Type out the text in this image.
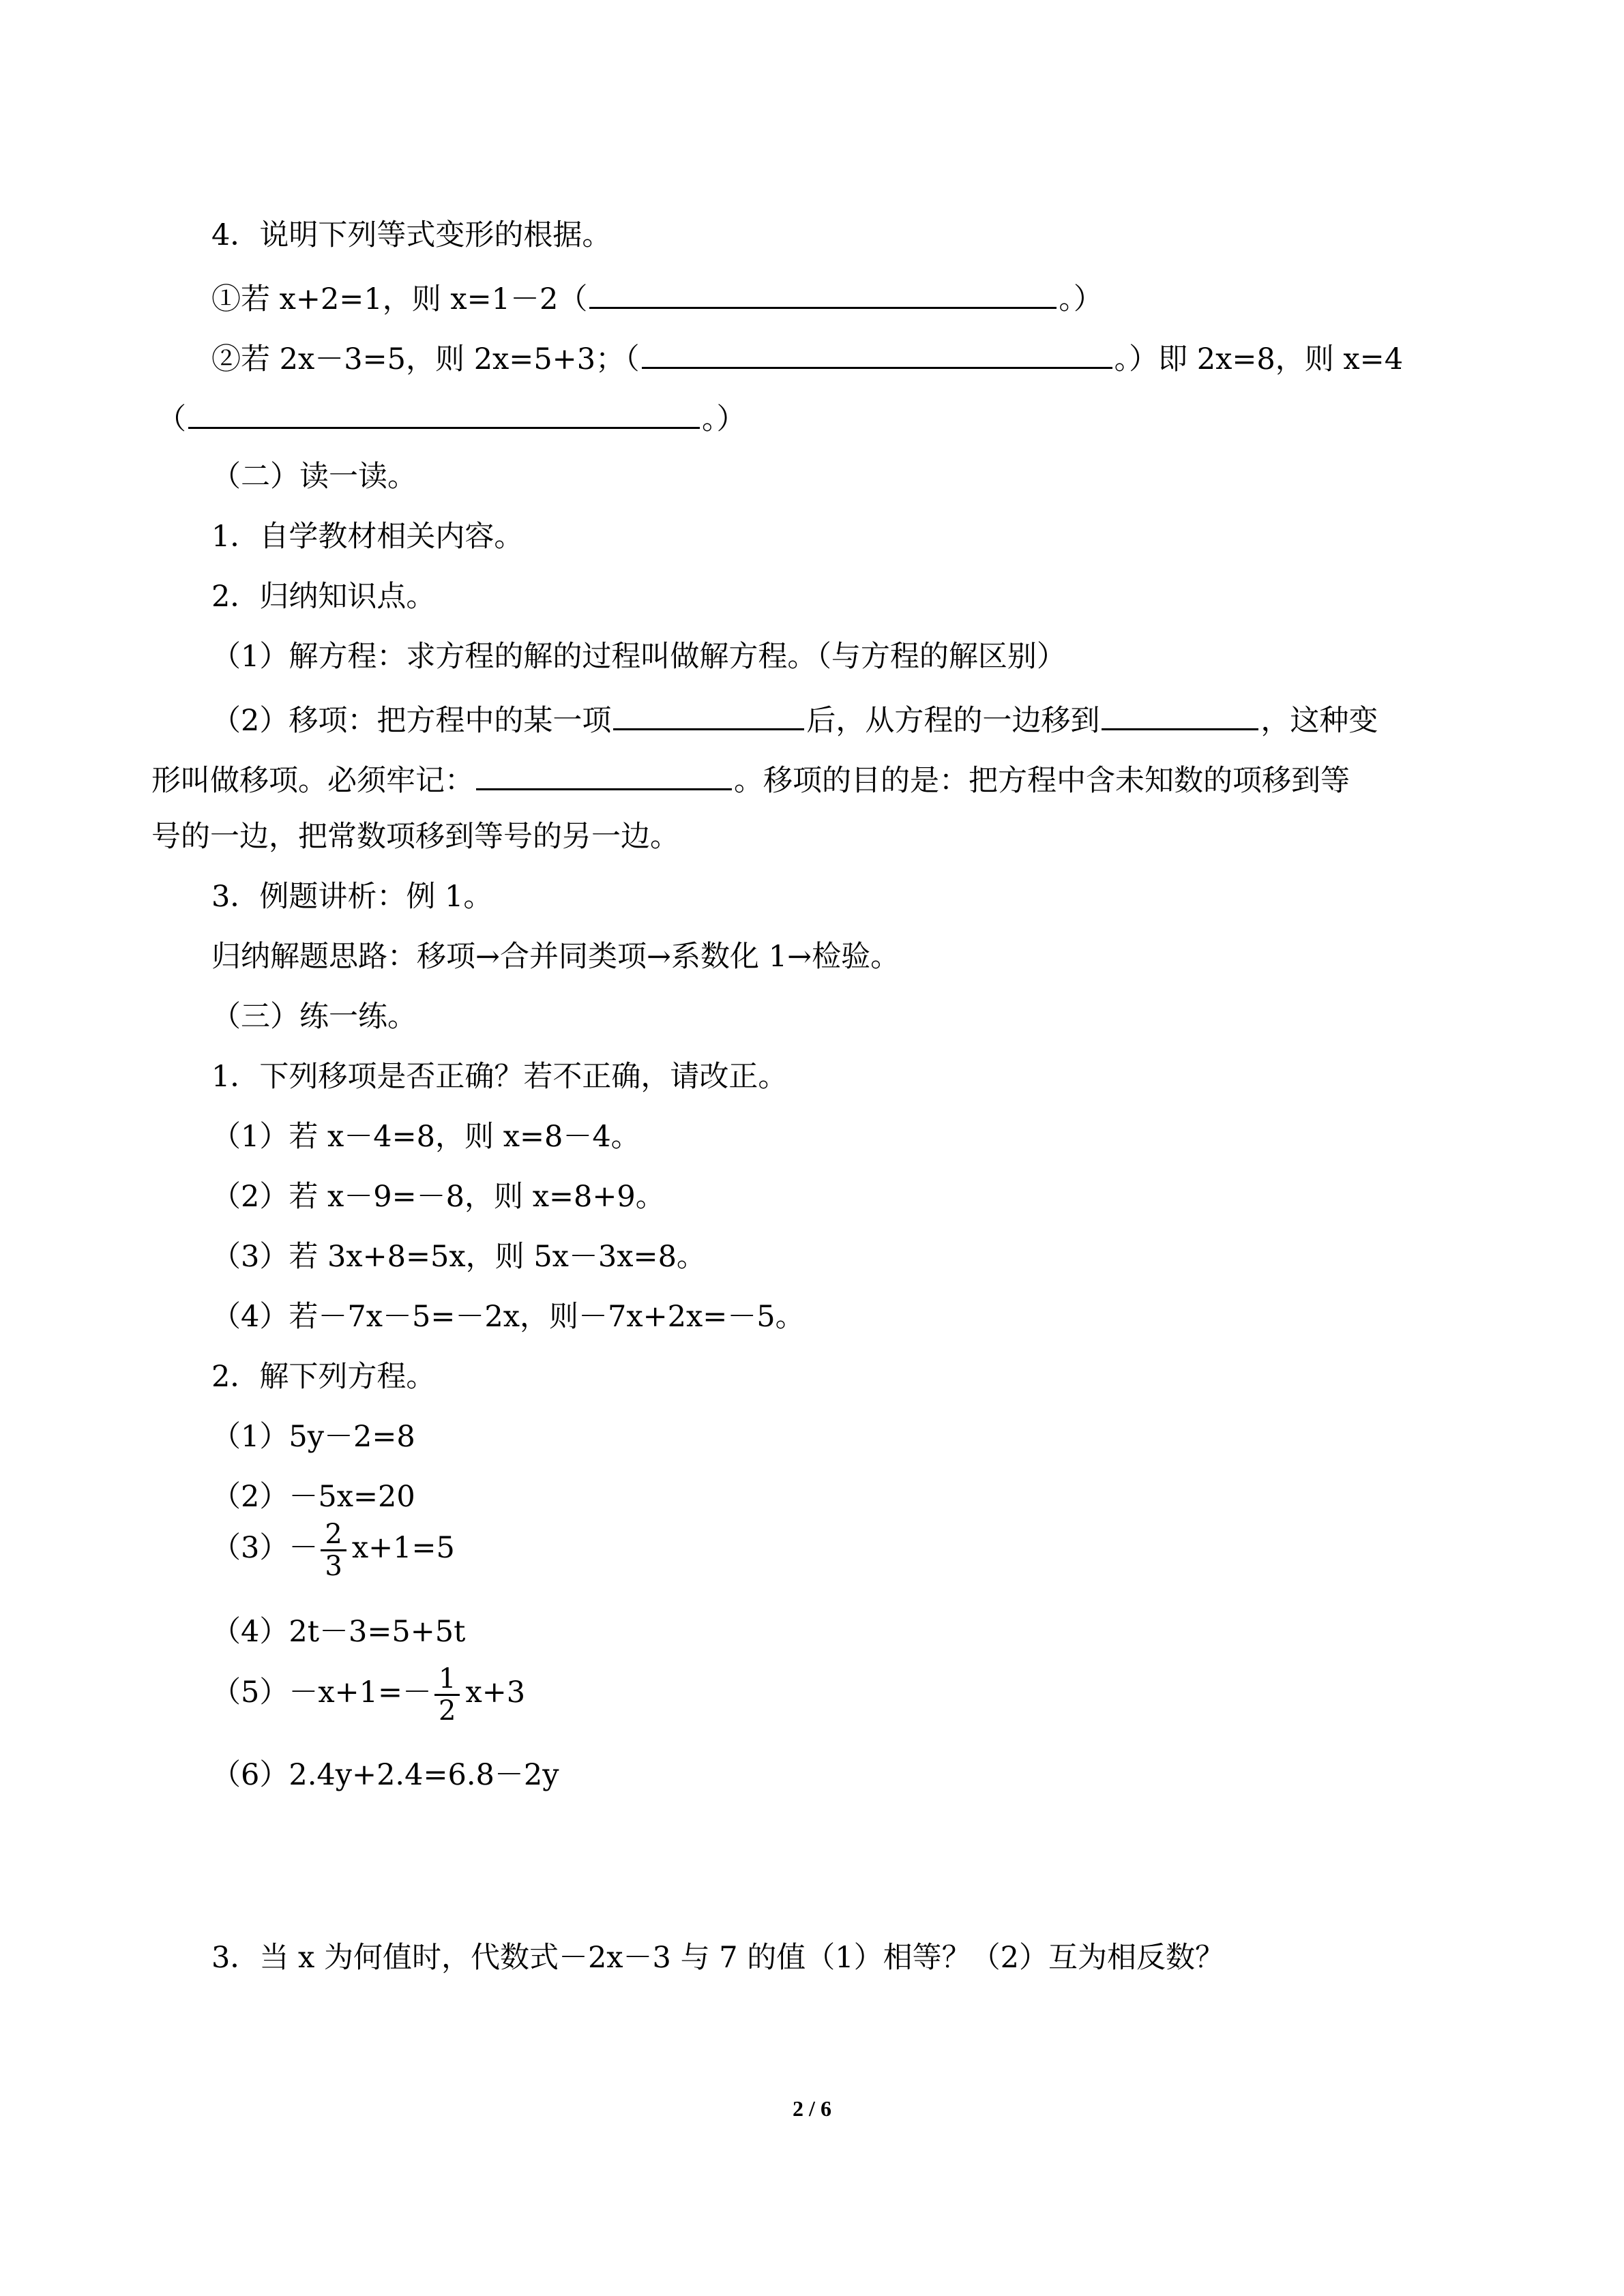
4．说明下列等式变形的根据。
①若 x+2=1，则 x=1－2（	。）
②若 2x－3=5，则 2x=5+3；（	。）即 2x=8，则 x=4
（	。）
（二）读一读。
1．自学教材相关内容。
2．归纳知识点。
（1）解方程：求方程的解的过程叫做解方程。（与方程的解区别）
（2）移项：把方程中的某一项	后，从方程的一边移到	，这种变
形叫做移项。必须牢记：	。移项的目的是：把方程中含未知数的项移到等
号的一边，把常数项移到等号的另一边。
3．例题讲析：例 1。
归纳解题思路：移项→合并同类项→系数化 1→检验。
（三）练一练。
1．下列移项是否正确？若不正确，请改正。
（1）若 x－4=8，则 x=8－4。
（2）若 x－9=－8，则 x=8+9。
（3）若 3x+8=5x，则 5x－3x=8。
（4）若－7x－5=－2x，则－7x+2x=－5。
2．解下列方程。
（1）5y－2=8
（2）－5x=20
$(3)- \frac{2}{3} x+1=5$
（4）2t－3=5+5t
$(5)-x+1=- \frac{1}{2} x+3$
（6）2.4y+2.4=6.8－2y
3．当 x 为何值时，代数式－2x－3 与 7 的值（1）相等？（2）互为相反数？
2 / 6
